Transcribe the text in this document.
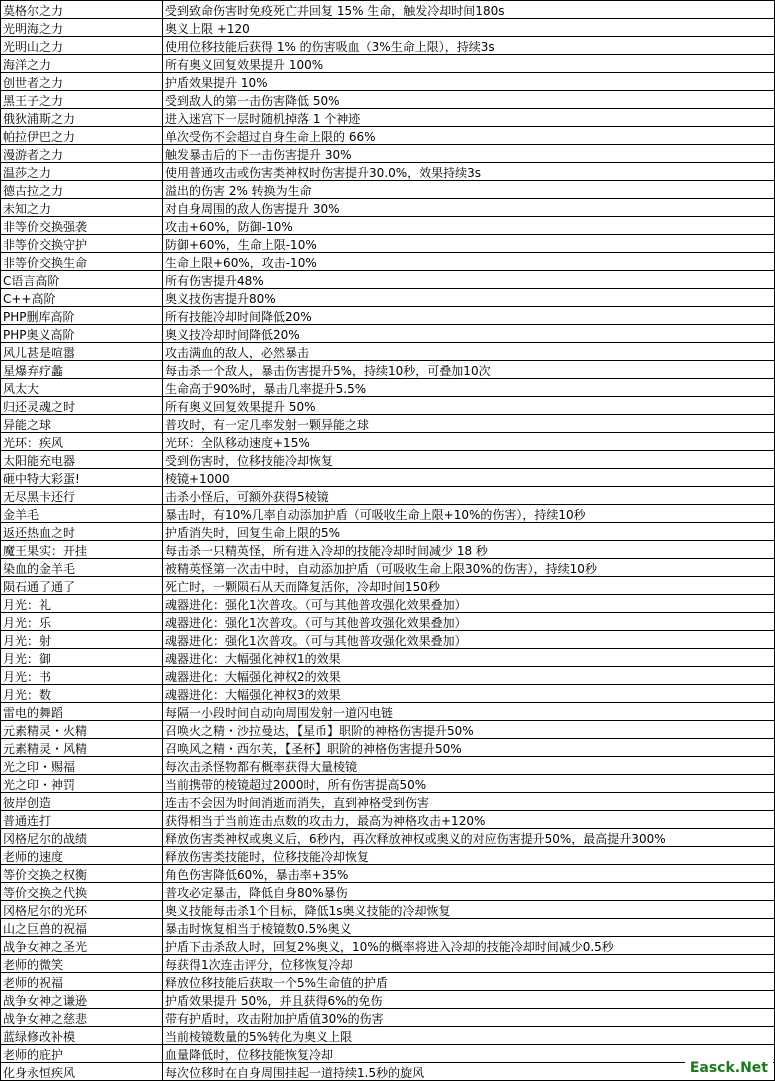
莫格尔之力	受到致命伤害时免疫死亡并回复 15% 生命，触发冷却时间180s
光明海之力	奥义上限 +120
光明山之力	使用位移技能后获得 1% 的伤害吸血（3%生命上限），持续3s
海洋之力	所有奥义回复效果提升 100%
创世者之力	护盾效果提升 10%
黑王子之力	受到敌人的第一击伤害降低 50%
俄狄浦斯之力	进入迷宫下一层时随机掉落 1 个神迹
帕拉伊巴之力	单次受伤不会超过自身生命上限的 66%
漫游者之力	触发暴击后的下一击伤害提升 30%
温莎之力	使用普通攻击或伤害类神权时伤害提升30.0%，效果持续3s
德古拉之力	溢出的伤害 2% 转换为生命
未知之力	对自身周围的敌人伤害提升 30%
非等价交换强袭	攻击+60%，防御-10%
非等价交换守护	防御+60%，生命上限-10%
非等价交换生命	生命上限+60%，攻击-10%
C语言高阶	所有伤害提升48%
C++高阶	奥义技伤害提升80%
PHP删库高阶	所有技能冷却时间降低20%
PHP奥义高阶	奥义技冷却时间降低20%
风儿甚是喧嚣	攻击满血的敌人，必然暴击
星爆弃疗蠡	每击杀一个敌人，暴击伤害提升5%，持续10秒，可叠加10次
风太大	生命高于90%时，暴击几率提升5.5%
归还灵魂之时	所有奥义回复效果提升 50%
异能之球	普攻时，有一定几率发射一颗异能之球
光环：疾风	光环：全队移动速度+15%
太阳能充电器	受到伤害时，位移技能冷却恢复
砸中特大彩蛋!	棱镜+1000
无尽黑卡还行	击杀小怪后，可额外获得5棱镜
金羊毛	暴击时，有10%几率自动添加护盾（可吸收生命上限+10%的伤害），持续10秒
返还热血之时	护盾消失时，回复生命上限的5%
魔王果实：开挂	每击杀一只精英怪，所有进入冷却的技能冷却时间减少 18 秒
染血的金羊毛	被精英怪第一次击中时，自动添加护盾（可吸收生命上限30%的伤害），持续10秒
陨石通了通了	死亡时，一颗陨石从天而降复活你，冷却时间150秒
月光：礼	魂器进化：强化1次普攻。（可与其他普攻强化效果叠加）
月光：乐	魂器进化：强化1次普攻。（可与其他普攻强化效果叠加）
月光：射	魂器进化：强化1次普攻。（可与其他普攻强化效果叠加）
月光：御	魂器进化：大幅强化神权1的效果
月光：书	魂器进化：大幅强化神权2的效果
月光：数	魂器进化：大幅强化神权3的效果
雷电的舞蹈	每隔一小段时间自动向周围发射一道闪电链
元素精灵・火精	召唤火之精・沙拉曼达，【星币】职阶的神格伤害提升50%
元素精灵・风精	召唤风之精・西尔芙，【圣杯】职阶的神格伤害提升50%
光之印・赐福	每次击杀怪物都有概率获得大量棱镜
光之印・神罚	当前携带的棱镜超过2000时，所有伤害提高50%
彼岸创造	连击不会因为时间消逝而消失，直到神格受到伤害
普通连打	获得相当于当前连击点数的攻击力，最高为神格攻击+120%
冈格尼尔的战绩	释放伤害类神权或奥义后，6秒内，再次释放神权或奥义的对应伤害提升50%，最高提升300%
老师的速度	释放伤害类技能时，位移技能冷却恢复
等价交换之权衡	角色伤害降低60%，暴击率+35%
等价交换之代换	普攻必定暴击，降低自身80%暴伤
冈格尼尔的光环	奥义技能每击杀1个目标，降低1s奥义技能的冷却恢复
山之巨兽的祝福	暴击时恢复相当于棱镜数0.5%奥义
战争女神之圣光	护盾下击杀敌人时，回复2%奥义，10%的概率将进入冷却的技能冷却时间减少0.5秒
老师的微笑	每获得1次连击评分，位移恢复冷却
老师的祝福	释放位移技能后获取一个5%生命值的护盾
战争女神之谦逊	护盾效果提升 50%，并且获得6%的免伤
战争女神之慈悲	带有护盾时，攻击附加护盾值30%的伤害
蓝绿修改补模	当前棱镜数量的5%转化为奥义上限
老师的庇护	血量降低时，位移技能恢复冷却
化身永恒疾风	每次位移时在自身周围挂起一道持续1.5秒的旋风	Easck.Net
